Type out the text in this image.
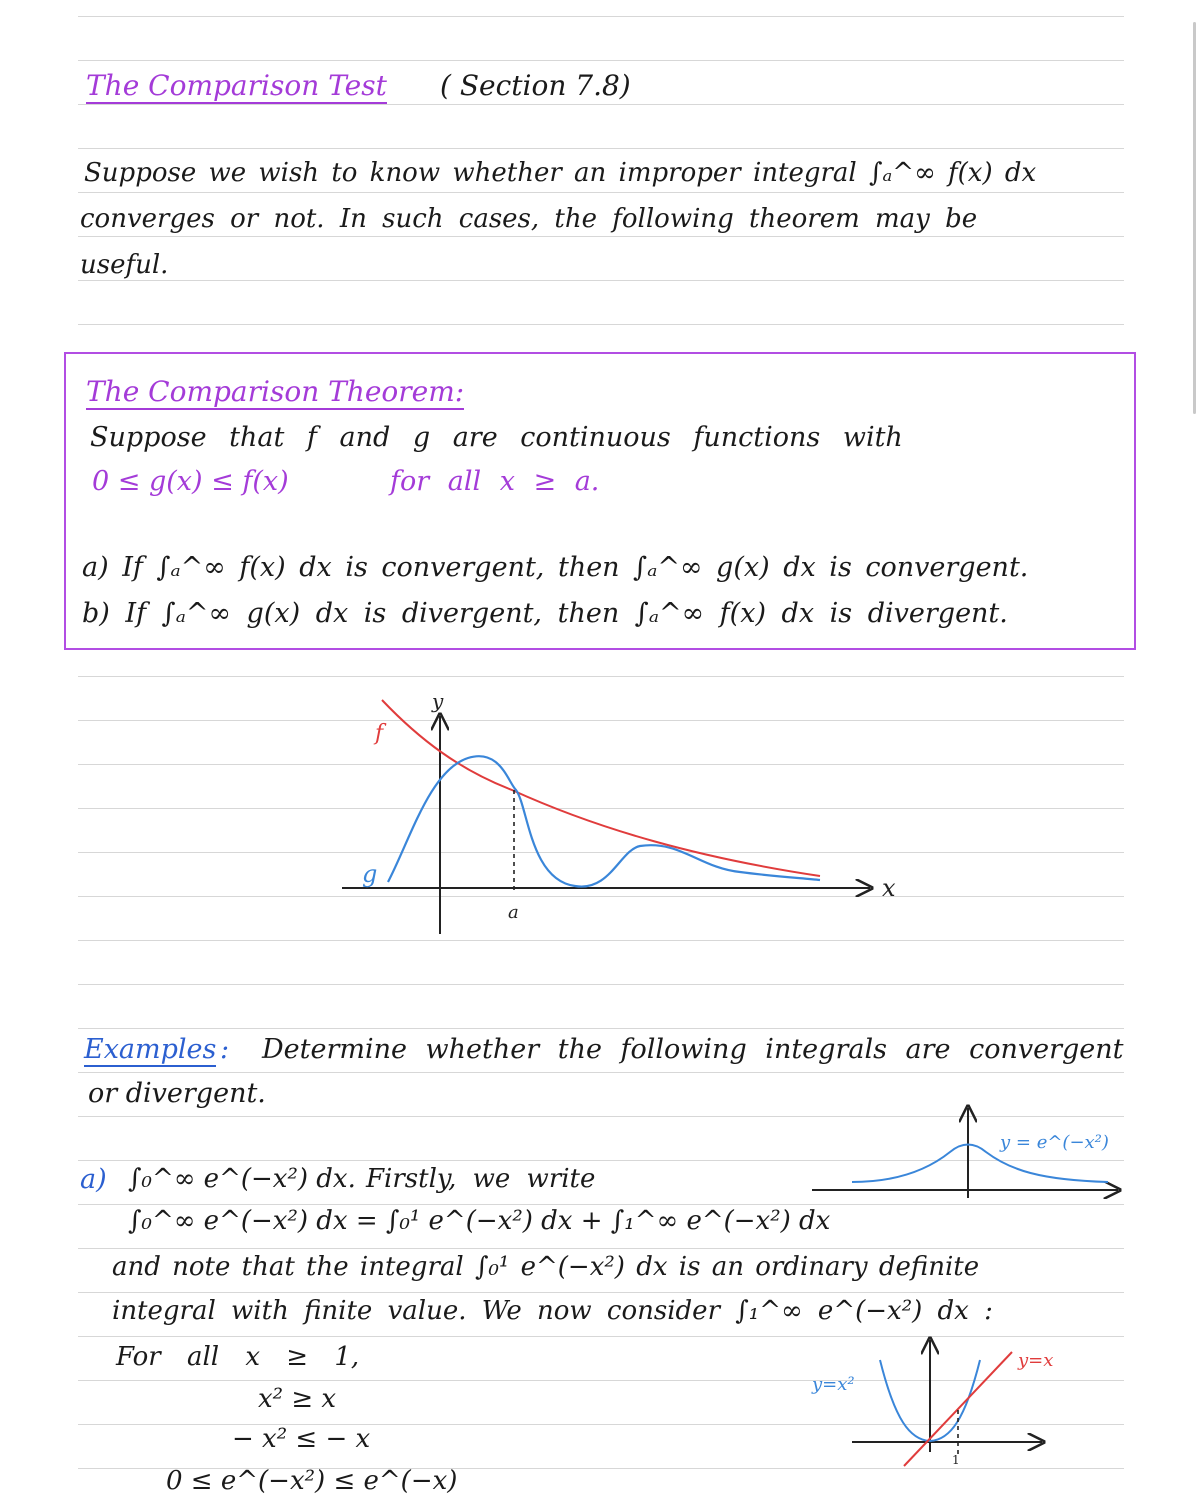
The Comparison Test ( Section 7.8)
Suppose we wish to know whether an improper integral ∫ₐ^∞ f(x) dx
converges or not. In such cases, the following theorem may be
useful.
The Comparison Theorem:
Suppose that f and g are continuous functions with
0 ≤ g(x) ≤ f(x)	for all x ≥ a.
a) If ∫ₐ^∞ f(x) dx is convergent, then ∫ₐ^∞ g(x) dx is convergent.
b) If ∫ₐ^∞ g(x) dx is divergent, then ∫ₐ^∞ f(x) dx is divergent.
f
g
y
x
a
y = e^(−x²)
1
y=x²
y=x
Examples : Determine whether the following integrals are convergent
or divergent.
a) ∫₀^∞ e^(−x²) dx. Firstly, we write
∫₀^∞ e^(−x²) dx = ∫₀¹ e^(−x²) dx + ∫₁^∞ e^(−x²) dx
and note that the integral ∫₀¹ e^(−x²) dx is an ordinary definite
integral with finite value. We now consider ∫₁^∞ e^(−x²) dx :
For all x ≥ 1,
x² ≥ x
− x² ≤ − x
0 ≤ e^(−x²) ≤ e^(−x)
